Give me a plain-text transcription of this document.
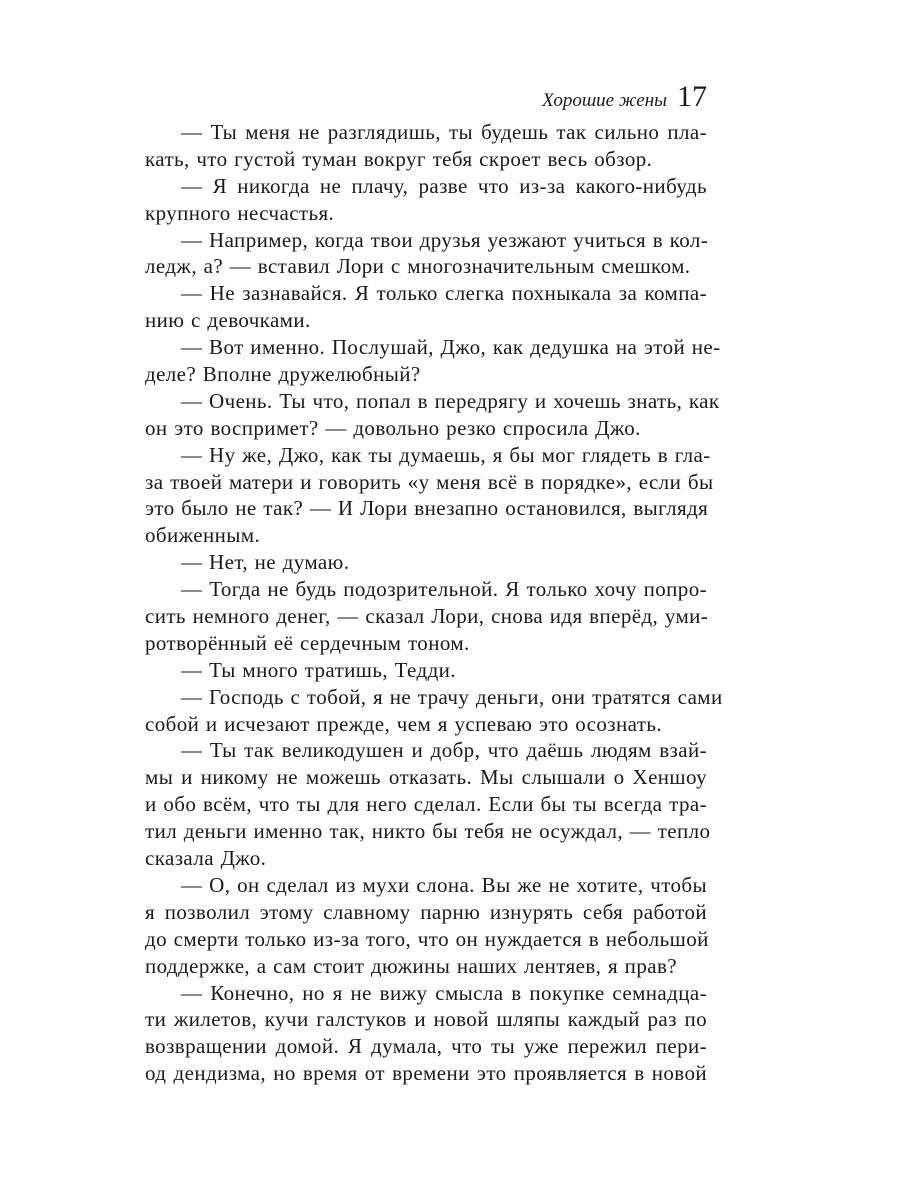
Хорошие жены 17
— Ты меня не разглядишь, ты будешь так сильно пла-
кать, что густой туман вокруг тебя скроет весь обзор.
— Я никогда не плачу, разве что из-за какого-нибудь
крупного несчастья.
— Например, когда твои друзья уезжают учиться в кол-
ледж, а? — вставил Лори с многозначительным смешком.
— Не зазнавайся. Я только слегка похныкала за компа-
нию с девочками.
— Вот именно. Послушай, Джо, как дедушка на этой не-
деле? Вполне дружелюбный?
— Очень. Ты что, попал в передрягу и хочешь знать, как
он это воспримет? — довольно резко спросила Джо.
— Ну же, Джо, как ты думаешь, я бы мог глядеть в гла-
за твоей матери и говорить «у меня всё в порядке», если бы
это было не так? — И Лори внезапно остановился, выглядя
обиженным.
— Нет, не думаю.
— Тогда не будь подозрительной. Я только хочу попро-
сить немного денег, — сказал Лори, снова идя вперёд, уми-
ротворённый её сердечным тоном.
— Ты много тратишь, Тедди.
— Господь с тобой, я не трачу деньги, они тратятся сами
собой и исчезают прежде, чем я успеваю это осознать.
— Ты так великодушен и добр, что даёшь людям взай-
мы и никому не можешь отказать. Мы слышали о Хеншоу
и обо всём, что ты для него сделал. Если бы ты всегда тра-
тил деньги именно так, никто бы тебя не осуждал, — тепло
сказала Джо.
— О, он сделал из мухи слона. Вы же не хотите, чтобы
я позволил этому славному парню изнурять себя работой
до смерти только из-за того, что он нуждается в небольшой
поддержке, а сам стоит дюжины наших лентяев, я прав?
— Конечно, но я не вижу смысла в покупке семнадца-
ти жилетов, кучи галстуков и новой шляпы каждый раз по
возвращении домой. Я думала, что ты уже пережил пери-
од дендизма, но время от времени это проявляется в новой
